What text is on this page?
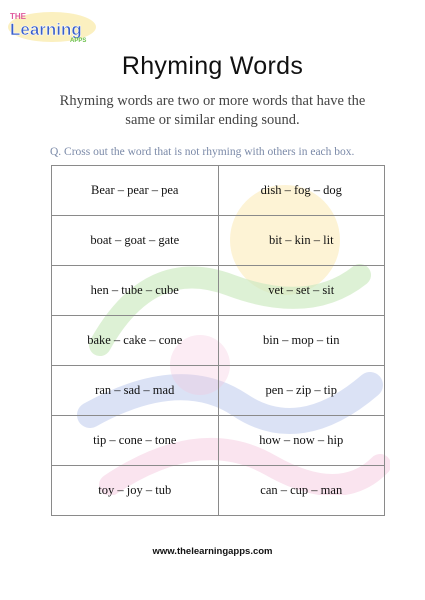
THE
Learning
APPS
Rhyming Words
Rhyming words are two or more words that have the same or similar ending sound.
Q. Cross out the word that is not rhyming with others in each box.
Bear – pear – pea	dish – fog – dog
boat – goat – gate	bit – kin – lit
hen – tube – cube	vet – set – sit
bake – cake – cone	bin – mop – tin
ran – sad – mad	pen – zip – tip
tip – cone – tone	how – now – hip
toy – joy – tub	can – cup – man
www.thelearningapps.com
